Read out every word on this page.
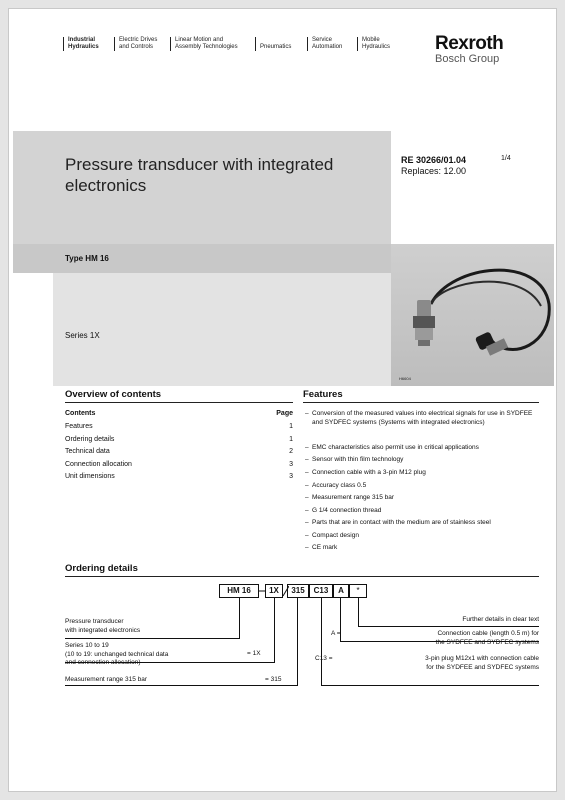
Industrial
Hydraulics
Electric Drives
and Controls
Linear Motion and
Assembly Technologies	Pneumatics
Service
Automation
Mobile
Hydraulics Rexroth
Bosch Group
Pressure transducer with integrated
electronics
RE 30266/01.04
Replaces: 12.00
1/4
Type HM 16
Series 1X
H6604
Overview of contents
Contents	Page
Features	1
Ordering details	1
Technical data	2
Connection allocation	3
Unit dimensions	3
Features
– Conversion of the measured values into electrical signals for use in SYDFEE and SYDFEC systems (Systems with integrated electronics)
– EMC characteristics also permit use in critical applications
– Sensor with thin film technology
– Connection cable with a 3-pin M12 plug
– Accuracy class 0.5
– Measurement range 315 bar
– G 1/4 connection thread
– Parts that are in contact with the medium are of stainless steel
– Compact design
– CE mark
Ordering details
HM 16	1X	315	C13	A	*
Pressure transducer
with integrated electronics
Series 10 to 19
(10 to 19: unchanged technical data
and connection allocation)
= 1X
Measurement range 315 bar	= 315
Further details in clear text
A =	Connection cable (length 0.5 m) for
the SYDFEE and SYDFEC systems
C13 =	3-pin plug M12x1 with connection cable
for the SYDFEE and SYDFEC systems
